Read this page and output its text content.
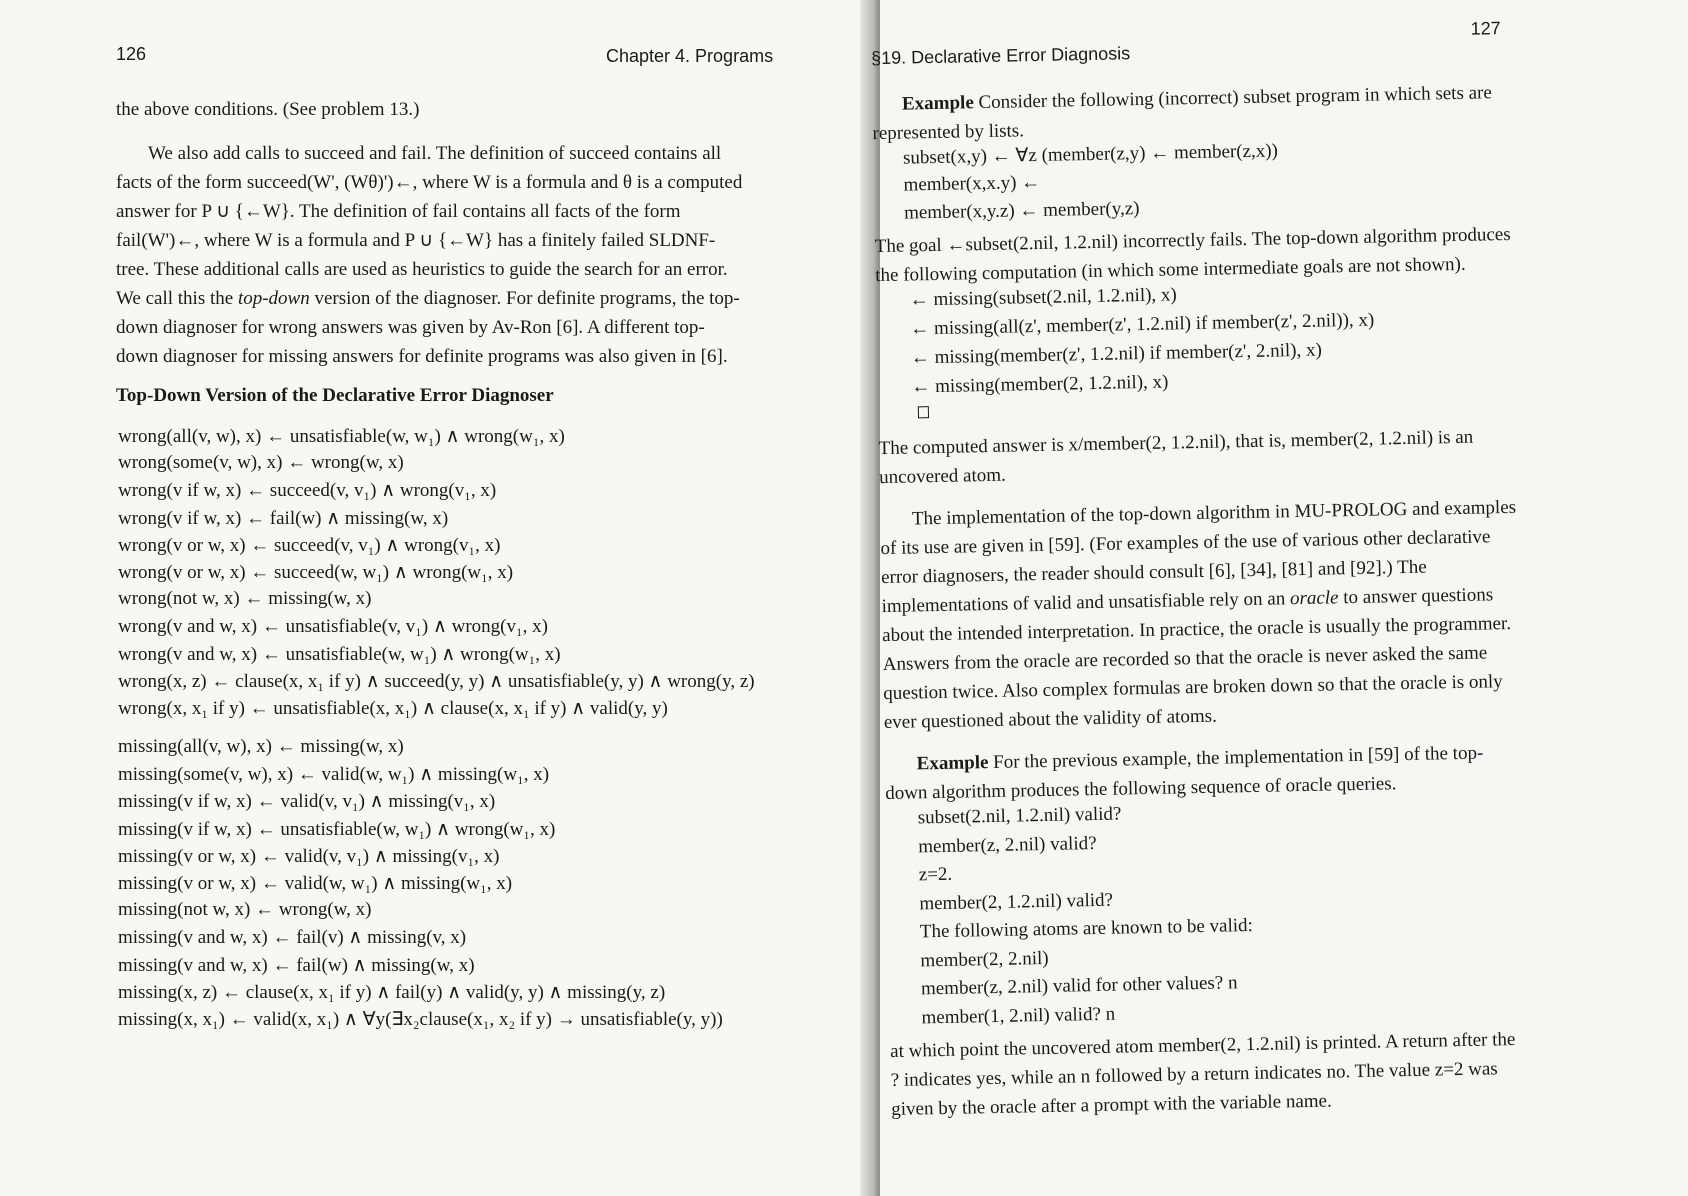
126	Chapter 4. Programs
the above conditions. (See problem 13.)
We also add calls to succeed and fail. The definition of succeed contains all
facts of the form succeed(W', (Wθ)')←, where W is a formula and θ is a computed
answer for P ∪ {←W}. The definition of fail contains all facts of the form
fail(W')←, where W is a formula and P ∪ {←W} has a finitely failed SLDNF-
tree. These additional calls are used as heuristics to guide the search for an error.
We call this the top-down version of the diagnoser. For definite programs, the top-
down diagnoser for wrong answers was given by Av-Ron [6]. A different top-
down diagnoser for missing answers for definite programs was also given in [6].
Top-Down Version of the Declarative Error Diagnoser
wrong(all(v, w), x) ← unsatisfiable(w, w₁) ∧ wrong(w₁, x)
wrong(some(v, w), x) ← wrong(w, x)
wrong(v if w, x) ← succeed(v, v₁) ∧ wrong(v₁, x)
wrong(v if w, x) ← fail(w) ∧ missing(w, x)
wrong(v or w, x) ← succeed(v, v₁) ∧ wrong(v₁, x)
wrong(v or w, x) ← succeed(w, w₁) ∧ wrong(w₁, x)
wrong(not w, x) ← missing(w, x)
wrong(v and w, x) ← unsatisfiable(v, v₁) ∧ wrong(v₁, x)
wrong(v and w, x) ← unsatisfiable(w, w₁) ∧ wrong(w₁, x)
wrong(x, z) ← clause(x, x₁ if y) ∧ succeed(y, y) ∧ unsatisfiable(y, y) ∧ wrong(y, z)
wrong(x, x₁ if y) ← unsatisfiable(x, x₁) ∧ clause(x, x₁ if y) ∧ valid(y, y)
missing(all(v, w), x) ← missing(w, x)
missing(some(v, w), x) ← valid(w, w₁) ∧ missing(w₁, x)
missing(v if w, x) ← valid(v, v₁) ∧ missing(v₁, x)
missing(v if w, x) ← unsatisfiable(w, w₁) ∧ wrong(w₁, x)
missing(v or w, x) ← valid(v, v₁) ∧ missing(v₁, x)
missing(v or w, x) ← valid(w, w₁) ∧ missing(w₁, x)
missing(not w, x) ← wrong(w, x)
missing(v and w, x) ← fail(v) ∧ missing(v, x)
missing(v and w, x) ← fail(w) ∧ missing(w, x)
missing(x, z) ← clause(x, x₁ if y) ∧ fail(y) ∧ valid(y, y) ∧ missing(y, z)
missing(x, x₁) ← valid(x, x₁) ∧ ∀y(∃x₂clause(x₁, x₂ if y) → unsatisfiable(y, y))
127
§19. Declarative Error Diagnosis
Example Consider the following (incorrect) subset program in which sets are
represented by lists.
subset(x,y) ← ∀z (member(z,y) ← member(z,x))
member(x,x.y) ←
member(x,y.z) ← member(y,z)
The goal ←subset(2.nil, 1.2.nil) incorrectly fails. The top-down algorithm produces
the following computation (in which some intermediate goals are not shown).
← missing(subset(2.nil, 1.2.nil), x)
← missing(all(z', member(z', 1.2.nil) if member(z', 2.nil)), x)
← missing(member(z', 1.2.nil) if member(z', 2.nil), x)
← missing(member(2, 1.2.nil), x)
The computed answer is x/member(2, 1.2.nil), that is, member(2, 1.2.nil) is an
uncovered atom.
The implementation of the top-down algorithm in MU-PROLOG and examples
of its use are given in [59]. (For examples of the use of various other declarative
error diagnosers, the reader should consult [6], [34], [81] and [92].) The
implementations of valid and unsatisfiable rely on an oracle to answer questions
about the intended interpretation. In practice, the oracle is usually the programmer.
Answers from the oracle are recorded so that the oracle is never asked the same
question twice. Also complex formulas are broken down so that the oracle is only
ever questioned about the validity of atoms.
Example For the previous example, the implementation in [59] of the top-
down algorithm produces the following sequence of oracle queries.
subset(2.nil, 1.2.nil) valid?
member(z, 2.nil) valid?
z=2.
member(2, 1.2.nil) valid?
The following atoms are known to be valid:
member(2, 2.nil)
member(z, 2.nil) valid for other values? n
member(1, 2.nil) valid? n
at which point the uncovered atom member(2, 1.2.nil) is printed. A return after the
? indicates yes, while an n followed by a return indicates no. The value z=2 was
given by the oracle after a prompt with the variable name.
